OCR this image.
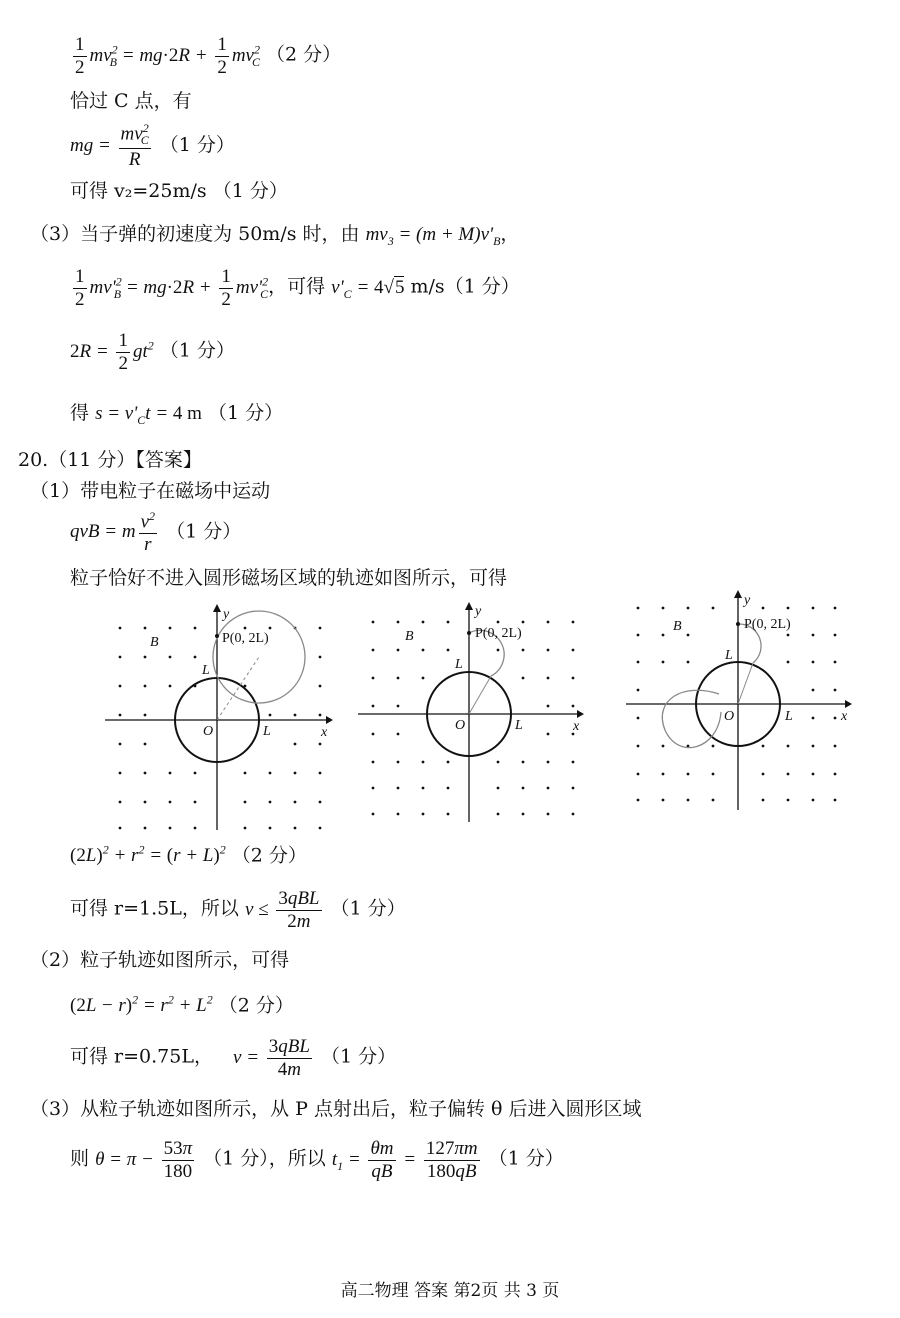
$\frac{1}{2} mv^2_B = mg\cdot 2R + \frac{1}{2} mv^2_C$ （2 分）
恰过 C 点，有
mg = $\frac{mv^2_C}{R} (1$ 分）
可得 v₂=25m/s （1 分）
（3）当子弹的初速度为 50m/s 时，由 $mv_3 = (m + M)v'_B$，
$\frac{1}{2} mv'^2_B = mg\cdot 2R + \frac{1}{2} mv'^2_C$，可得 $v'_C = 4√5$ m/s（1 分）
$2R = \frac{1}{2} gt^2$ （1 分）
得 $s = v'_Ct = 4$ m （1 分）
20.（11 分）【答案】
（1）带电粒子在磁场中运动
qvB = m $\frac{v^2}{r} (1$ 分）
粒子恰好不进入圆形磁场区域的轨迹如图所示，可得
B	P(0, 2L)
L
O	L	x
y
B	P(0, 2L)
L
O	L	x
y
B	P(0, 2L)
L
O	L	x
y
$(2L)^2 + r^2 = (r + L)^2$ （2 分）
可得 r=1.5L，所以 $v \le \frac{\text{3qBL}}{2m} (1$ 分）
（2）粒子轨迹如图所示，可得
$(2L - r)^2 = r^2 + L^2$ （2 分）
可得 r=0.75L， $v = \frac{\text{3qBL}}{4m} (1$ 分）
（3）从粒子轨迹如图所示，从 P 点射出后，粒子偏转 θ 后进入圆形区域
则 $\theta = \pi - \frac{53\pi}{180} (1$ 分），所以 $t_1 = \frac{\theta m}{qB} = \frac{127\pi m}{180qB} (1$ 分）
高二物理 答案 第2页 共 3 页
